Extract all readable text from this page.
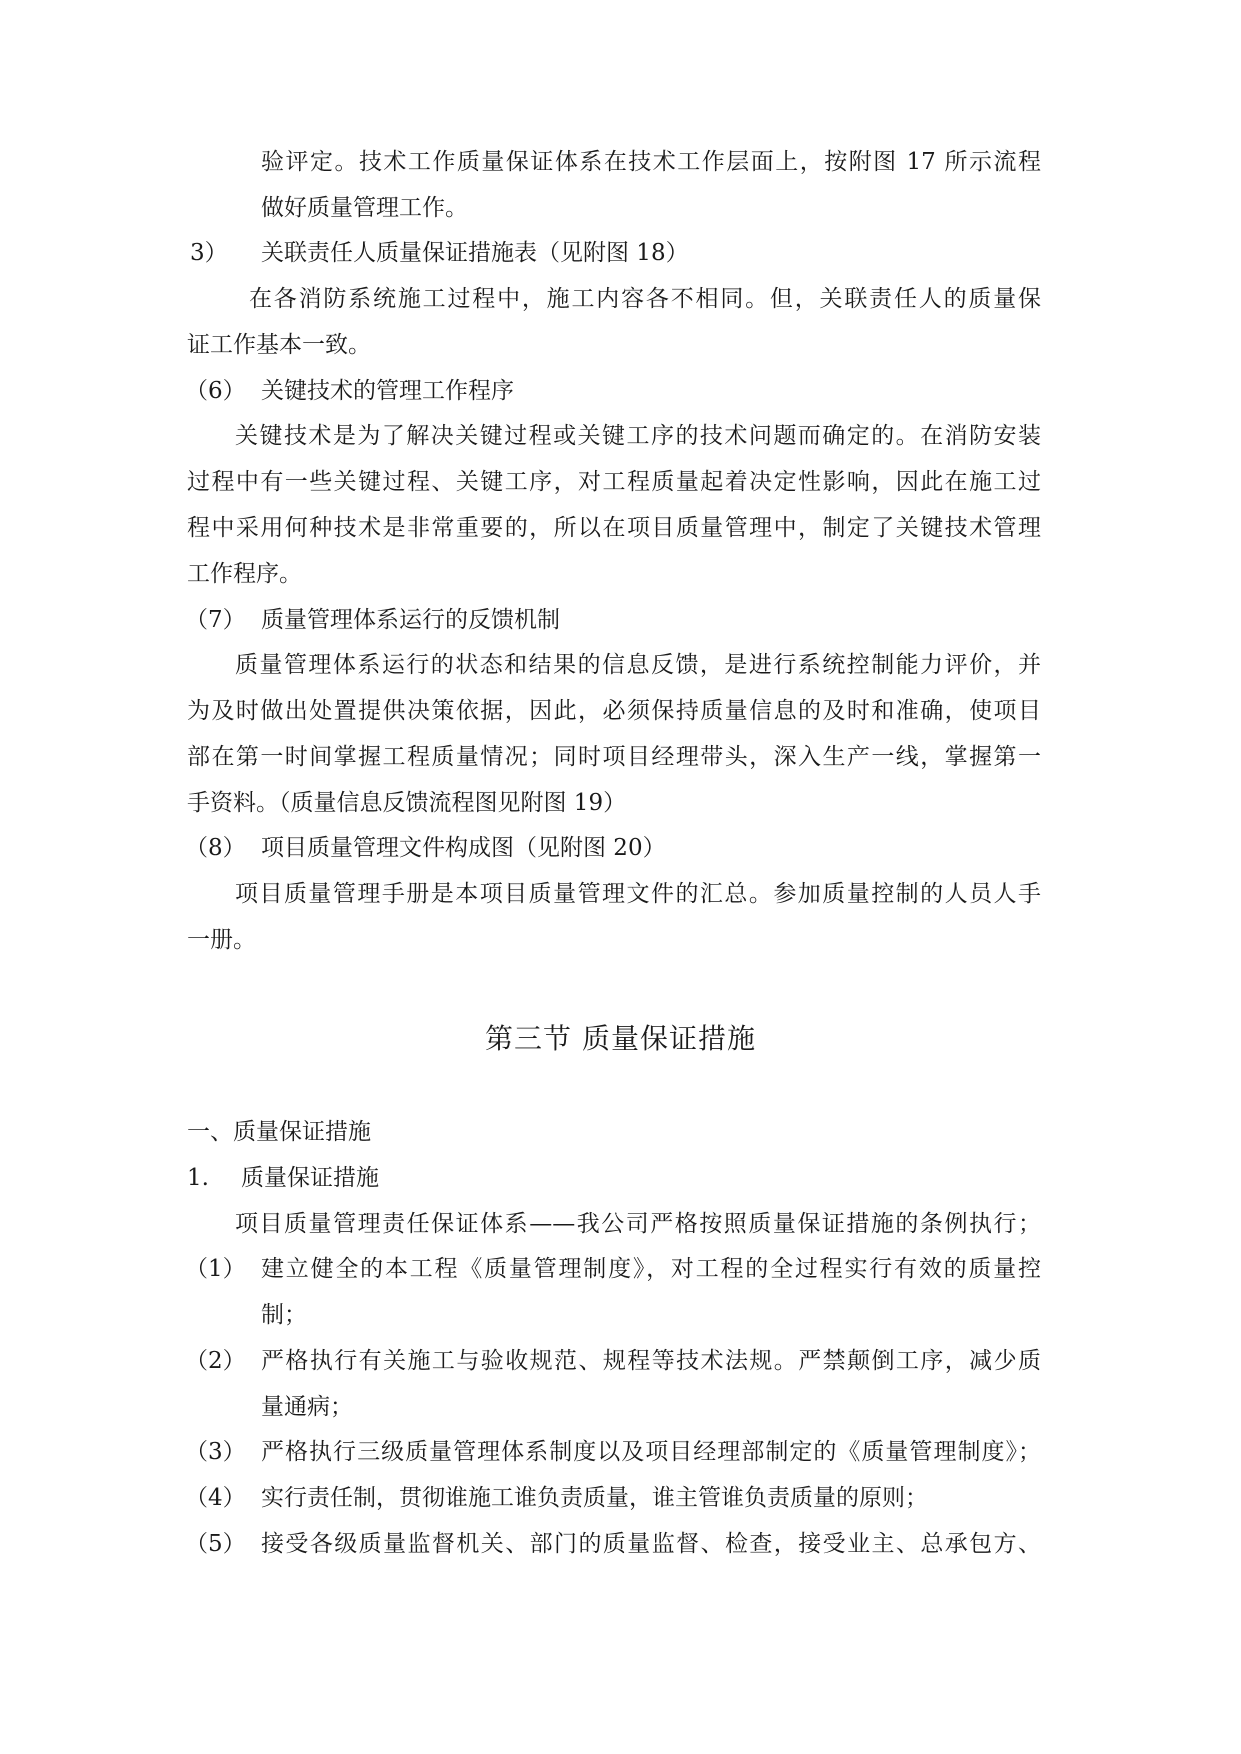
验评定。技术工作质量保证体系在技术工作层面上，按附图 17 所示流程
做好质量管理工作。
3） 关联责任人质量保证措施表（见附图 18）
在各消防系统施工过程中，施工内容各不相同。但，关联责任人的质量保
证工作基本一致。
（6） 关键技术的管理工作程序
关键技术是为了解决关键过程或关键工序的技术问题而确定的。在消防安装
过程中有一些关键过程、关键工序，对工程质量起着决定性影响，因此在施工过
程中采用何种技术是非常重要的，所以在项目质量管理中，制定了关键技术管理
工作程序。
（7） 质量管理体系运行的反馈机制
质量管理体系运行的状态和结果的信息反馈，是进行系统控制能力评价，并
为及时做出处置提供决策依据，因此，必须保持质量信息的及时和准确，使项目
部在第一时间掌握工程质量情况；同时项目经理带头，深入生产一线，掌握第一
手资料。（质量信息反馈流程图见附图 19）
（8） 项目质量管理文件构成图（见附图 20）
项目质量管理手册是本项目质量管理文件的汇总。参加质量控制的人员人手
一册。
第三节 质量保证措施
一、质量保证措施
1. 质量保证措施
项目质量管理责任保证体系——我公司严格按照质量保证措施的条例执行；
（1） 建立健全的本工程《质量管理制度》，对工程的全过程实行有效的质量控
制；
（2） 严格执行有关施工与验收规范、规程等技术法规。严禁颠倒工序，减少质
量通病；
（3） 严格执行三级质量管理体系制度以及项目经理部制定的《质量管理制度》；
（4） 实行责任制，贯彻谁施工谁负责质量，谁主管谁负责质量的原则；
（5） 接受各级质量监督机关、部门的质量监督、检查，接受业主、总承包方、
